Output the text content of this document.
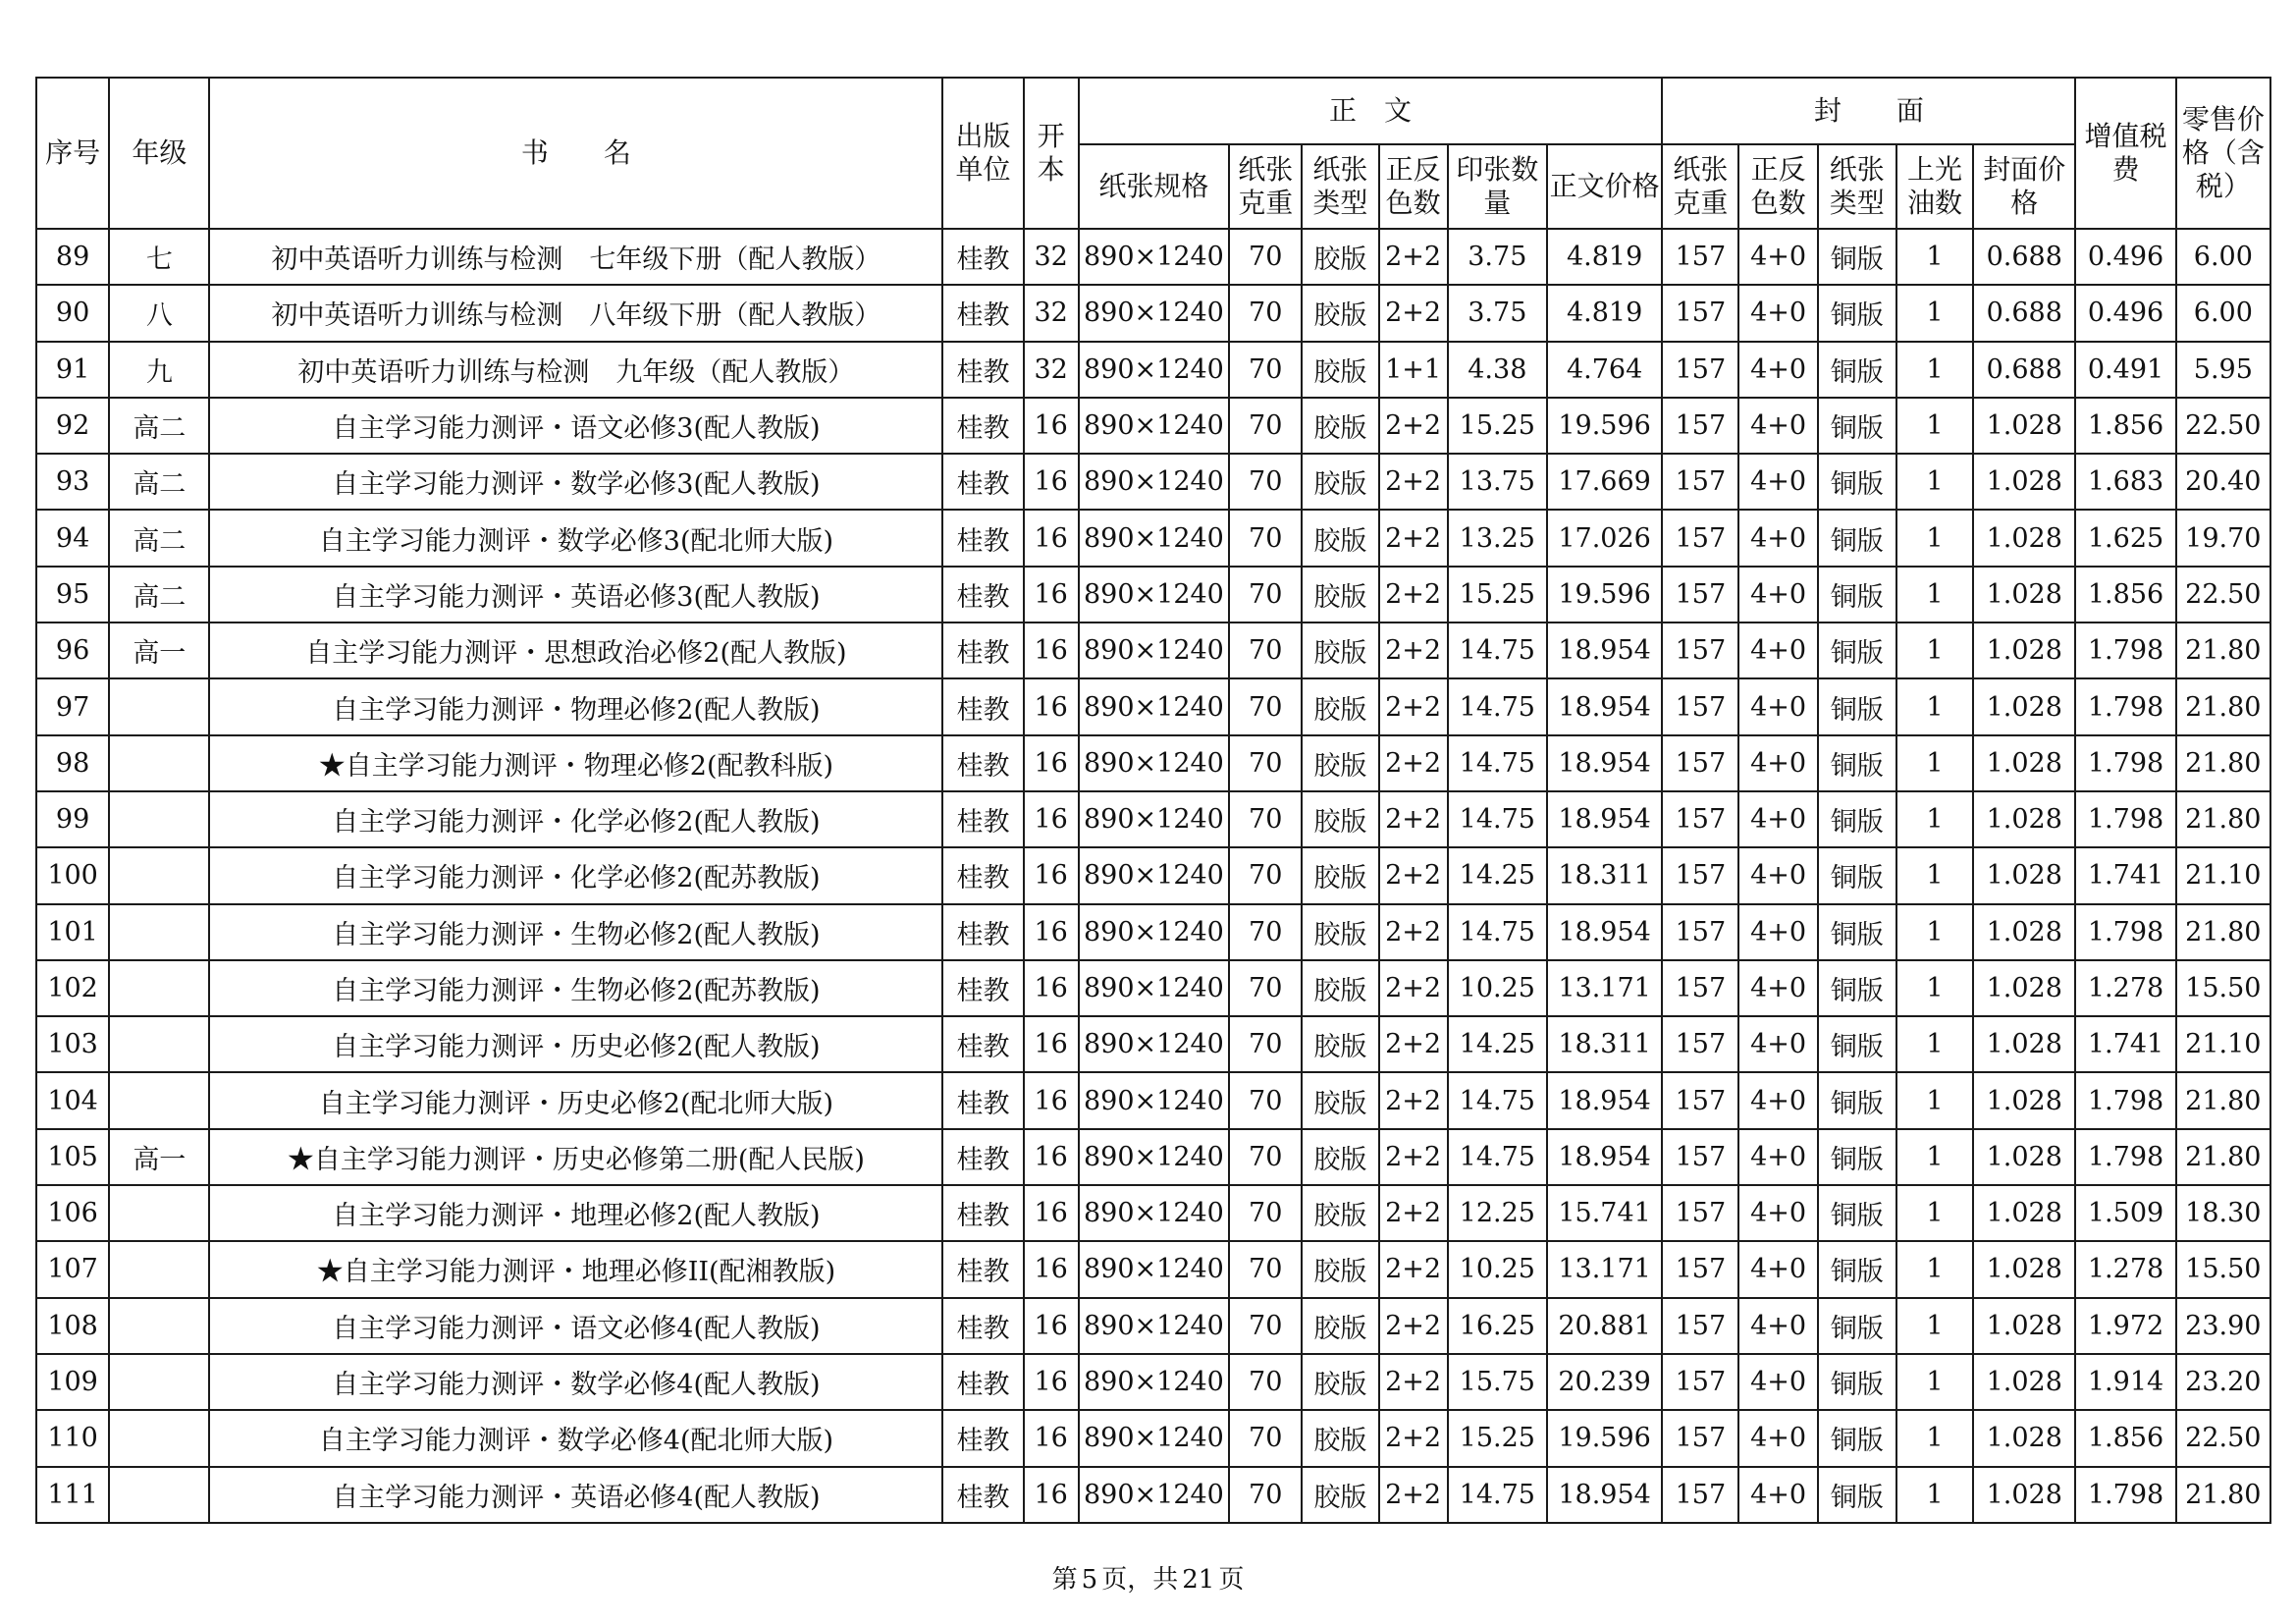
序号	年级	书　　名	出版单位	开本	正　文						封　　面					增值税费	零售价格（含税）
					纸张规格	纸张克重	纸张类型	正反色数	印张数量	正文价格	纸张克重	正反色数	纸张类型	上光油数	封面价格		
89	七	初中英语听力训练与检测　七年级下册（配人教版）	桂教	32	890×1240	70	胶版	2+2	3.75	4.819	157	4+0	铜版	1	0.688	0.496	6.00
90	八	初中英语听力训练与检测　八年级下册（配人教版）	桂教	32	890×1240	70	胶版	2+2	3.75	4.819	157	4+0	铜版	1	0.688	0.496	6.00
91	九	初中英语听力训练与检测　九年级（配人教版）	桂教	32	890×1240	70	胶版	1+1	4.38	4.764	157	4+0	铜版	1	0.688	0.491	5.95
92	高二	自主学习能力测评・语文必修3(配人教版)	桂教	16	890×1240	70	胶版	2+2	15.25	19.596	157	4+0	铜版	1	1.028	1.856	22.50
93	高二	自主学习能力测评・数学必修3(配人教版)	桂教	16	890×1240	70	胶版	2+2	13.75	17.669	157	4+0	铜版	1	1.028	1.683	20.40
94	高二	自主学习能力测评・数学必修3(配北师大版)	桂教	16	890×1240	70	胶版	2+2	13.25	17.026	157	4+0	铜版	1	1.028	1.625	19.70
95	高二	自主学习能力测评・英语必修3(配人教版)	桂教	16	890×1240	70	胶版	2+2	15.25	19.596	157	4+0	铜版	1	1.028	1.856	22.50
96	高一	自主学习能力测评・思想政治必修2(配人教版)	桂教	16	890×1240	70	胶版	2+2	14.75	18.954	157	4+0	铜版	1	1.028	1.798	21.80
97		自主学习能力测评・物理必修2(配人教版)	桂教	16	890×1240	70	胶版	2+2	14.75	18.954	157	4+0	铜版	1	1.028	1.798	21.80
98		★自主学习能力测评・物理必修2(配教科版)	桂教	16	890×1240	70	胶版	2+2	14.75	18.954	157	4+0	铜版	1	1.028	1.798	21.80
99		自主学习能力测评・化学必修2(配人教版)	桂教	16	890×1240	70	胶版	2+2	14.75	18.954	157	4+0	铜版	1	1.028	1.798	21.80
100		自主学习能力测评・化学必修2(配苏教版)	桂教	16	890×1240	70	胶版	2+2	14.25	18.311	157	4+0	铜版	1	1.028	1.741	21.10
101		自主学习能力测评・生物必修2(配人教版)	桂教	16	890×1240	70	胶版	2+2	14.75	18.954	157	4+0	铜版	1	1.028	1.798	21.80
102		自主学习能力测评・生物必修2(配苏教版)	桂教	16	890×1240	70	胶版	2+2	10.25	13.171	157	4+0	铜版	1	1.028	1.278	15.50
103		自主学习能力测评・历史必修2(配人教版)	桂教	16	890×1240	70	胶版	2+2	14.25	18.311	157	4+0	铜版	1	1.028	1.741	21.10
104		自主学习能力测评・历史必修2(配北师大版)	桂教	16	890×1240	70	胶版	2+2	14.75	18.954	157	4+0	铜版	1	1.028	1.798	21.80
105	高一	★自主学习能力测评・历史必修第二册(配人民版)	桂教	16	890×1240	70	胶版	2+2	14.75	18.954	157	4+0	铜版	1	1.028	1.798	21.80
106		自主学习能力测评・地理必修2(配人教版)	桂教	16	890×1240	70	胶版	2+2	12.25	15.741	157	4+0	铜版	1	1.028	1.509	18.30
107		★自主学习能力测评・地理必修II(配湘教版)	桂教	16	890×1240	70	胶版	2+2	10.25	13.171	157	4+0	铜版	1	1.028	1.278	15.50
108		自主学习能力测评・语文必修4(配人教版)	桂教	16	890×1240	70	胶版	2+2	16.25	20.881	157	4+0	铜版	1	1.028	1.972	23.90
109		自主学习能力测评・数学必修4(配人教版)	桂教	16	890×1240	70	胶版	2+2	15.75	20.239	157	4+0	铜版	1	1.028	1.914	23.20
110		自主学习能力测评・数学必修4(配北师大版)	桂教	16	890×1240	70	胶版	2+2	15.25	19.596	157	4+0	铜版	1	1.028	1.856	22.50
111		自主学习能力测评・英语必修4(配人教版)	桂教	16	890×1240	70	胶版	2+2	14.75	18.954	157	4+0	铜版	1	1.028	1.798	21.80
第 5 页，共 21 页
